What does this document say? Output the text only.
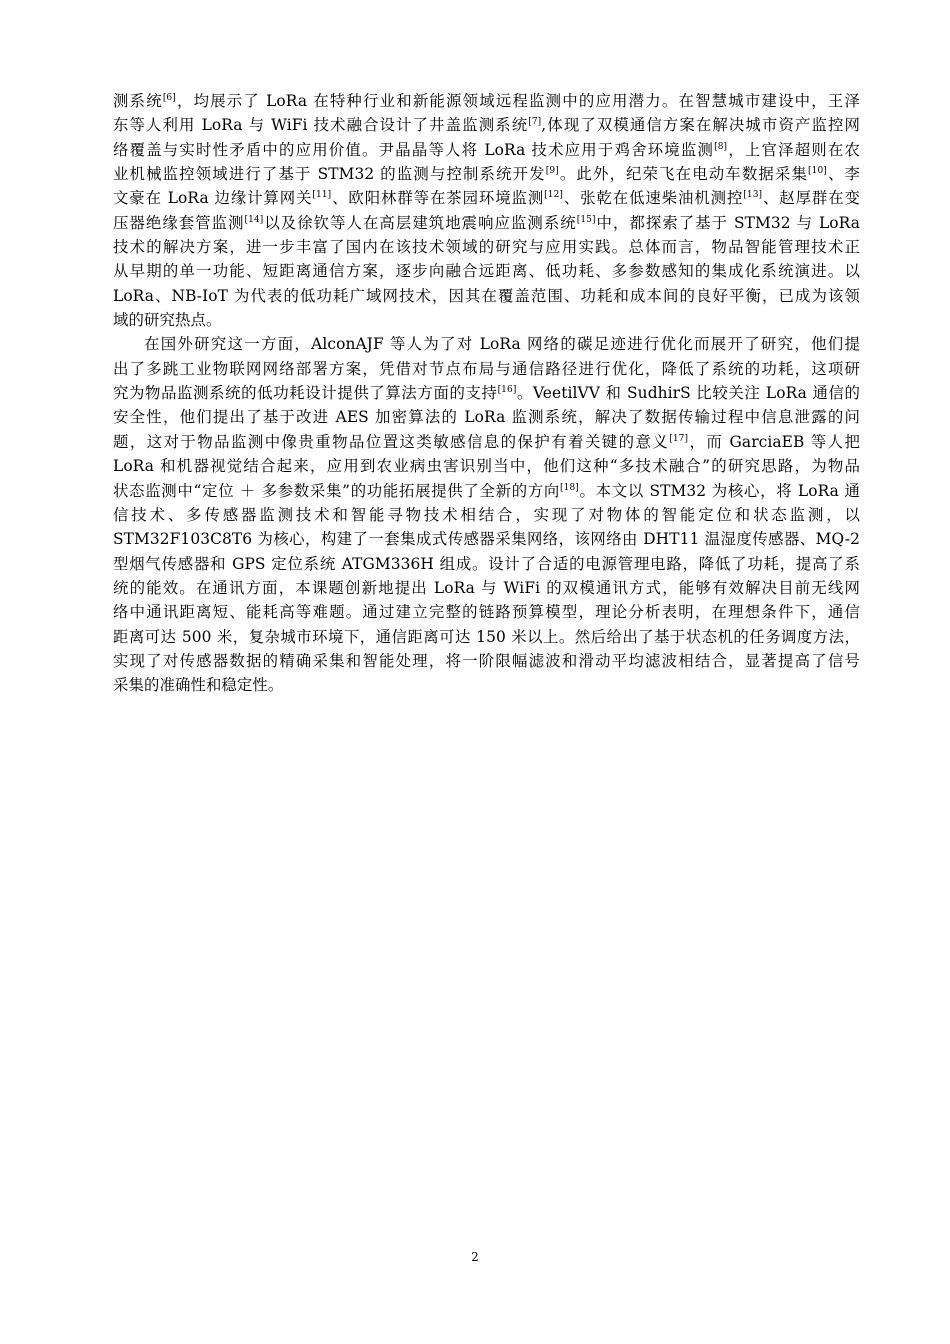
测系统[6]，均展示了 LoRa 在特种行业和新能源领域远程监测中的应用潜力。在智慧城市建设中，王泽
东等人利用 LoRa 与 WiFi 技术融合设计了井盖监测系统[7],体现了双模通信方案在解决城市资产监控网
络覆盖与实时性矛盾中的应用价值。尹晶晶等人将 LoRa 技术应用于鸡舍环境监测[8]，上官泽超则在农
业机械监控领域进行了基于 STM32 的监测与控制系统开发[9]。此外，纪荣飞在电动车数据采集[10]、李
文豪在 LoRa 边缘计算网关[11]、欧阳林群等在茶园环境监测[12]、张乾在低速柴油机测控[13]、赵厚群在变
压器绝缘套管监测[14]以及徐钦等人在高层建筑地震响应监测系统[15]中，都探索了基于 STM32 与 LoRa
技术的解决方案，进一步丰富了国内在该技术领域的研究与应用实践。总体而言，物品智能管理技术正
从早期的单一功能、短距离通信方案，逐步向融合远距离、低功耗、多参数感知的集成化系统演进。以
LoRa、NB-IoT 为代表的低功耗广域网技术，因其在覆盖范围、功耗和成本间的良好平衡，已成为该领
域的研究热点。
在国外研究这一方面，AlconAJF 等人为了对 LoRa 网络的碳足迹进行优化而展开了研究，他们提
出了多跳工业物联网网络部署方案，凭借对节点布局与通信路径进行优化，降低了系统的功耗，这项研
究为物品监测系统的低功耗设计提供了算法方面的支持[16]。VeetilVV 和 SudhirS 比较关注 LoRa 通信的
安全性，他们提出了基于改进 AES 加密算法的 LoRa 监测系统，解决了数据传输过程中信息泄露的问
题，这对于物品监测中像贵重物品位置这类敏感信息的保护有着关键的意义[17]，而 GarciaEB 等人把
LoRa 和机器视觉结合起来，应用到农业病虫害识别当中，他们这种“多技术融合”的研究思路，为物品
状态监测中“定位 ＋ 多参数采集”的功能拓展提供了全新的方向[18]。本文以 STM32 为核心，将 LoRa 通
信技术、多传感器监测技术和智能寻物技术相结合，实现了对物体的智能定位和状态监测，以
STM32F103C8T6 为核心，构建了一套集成式传感器采集网络，该网络由 DHT11 温湿度传感器、MQ-2
型烟气传感器和 GPS 定位系统 ATGM336H 组成。设计了合适的电源管理电路，降低了功耗，提高了系
统的能效。在通讯方面，本课题创新地提出 LoRa 与 WiFi 的双模通讯方式，能够有效解决目前无线网
络中通讯距离短、能耗高等难题。通过建立完整的链路预算模型，理论分析表明，在理想条件下，通信
距离可达 500 米，复杂城市环境下，通信距离可达 150 米以上。然后给出了基于状态机的任务调度方法，
实现了对传感器数据的精确采集和智能处理，将一阶限幅滤波和滑动平均滤波相结合，显著提高了信号
采集的准确性和稳定性。
2
